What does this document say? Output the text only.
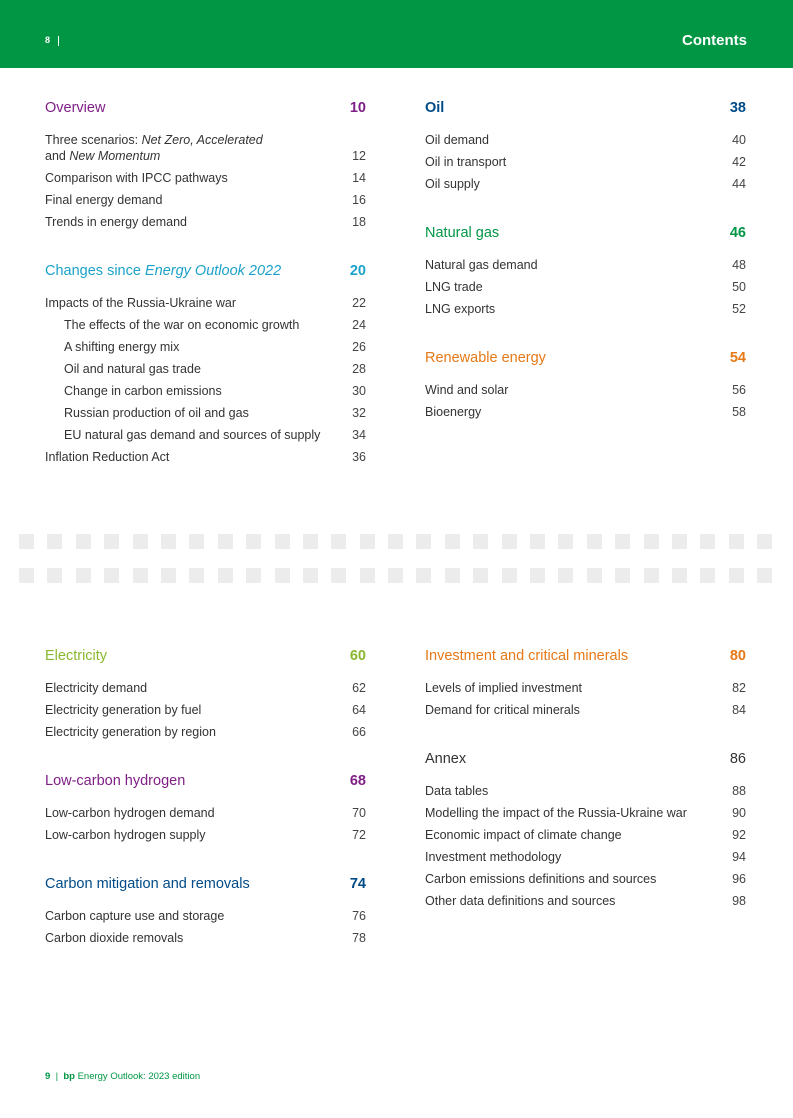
8	Contents
Overview	10
Three scenarios: Net Zero, Accelerated
and New Momentum	12
Comparison with IPCC pathways	14
Final energy demand	16
Trends in energy demand	18
Changes since Energy Outlook 2022	20
Impacts of the Russia-Ukraine war	22
The effects of the war on economic growth	24
A shifting energy mix	26
Oil and natural gas trade	28
Change in carbon emissions	30
Russian production of oil and gas	32
EU natural gas demand and sources of supply	34
Inflation Reduction Act	36
Oil	38
Oil demand	40
Oil in transport	42
Oil supply	44
Natural gas	46
Natural gas demand	48
LNG trade	50
LNG exports	52
Renewable energy	54
Wind and solar	56
Bioenergy	58
Electricity	60
Electricity demand	62
Electricity generation by fuel	64
Electricity generation by region	66
Low-carbon hydrogen	68
Low-carbon hydrogen demand	70
Low-carbon hydrogen supply	72
Carbon mitigation and removals	74
Carbon capture use and storage	76
Carbon dioxide removals	78
Investment and critical minerals	80
Levels of implied investment	82
Demand for critical minerals	84
Annex	86
Data tables	88
Modelling the impact of the Russia-Ukraine war	90
Economic impact of climate change	92
Investment methodology	94
Carbon emissions definitions and sources	96
Other data definitions and sources	98
9  |  bp Energy Outlook: 2023 edition
